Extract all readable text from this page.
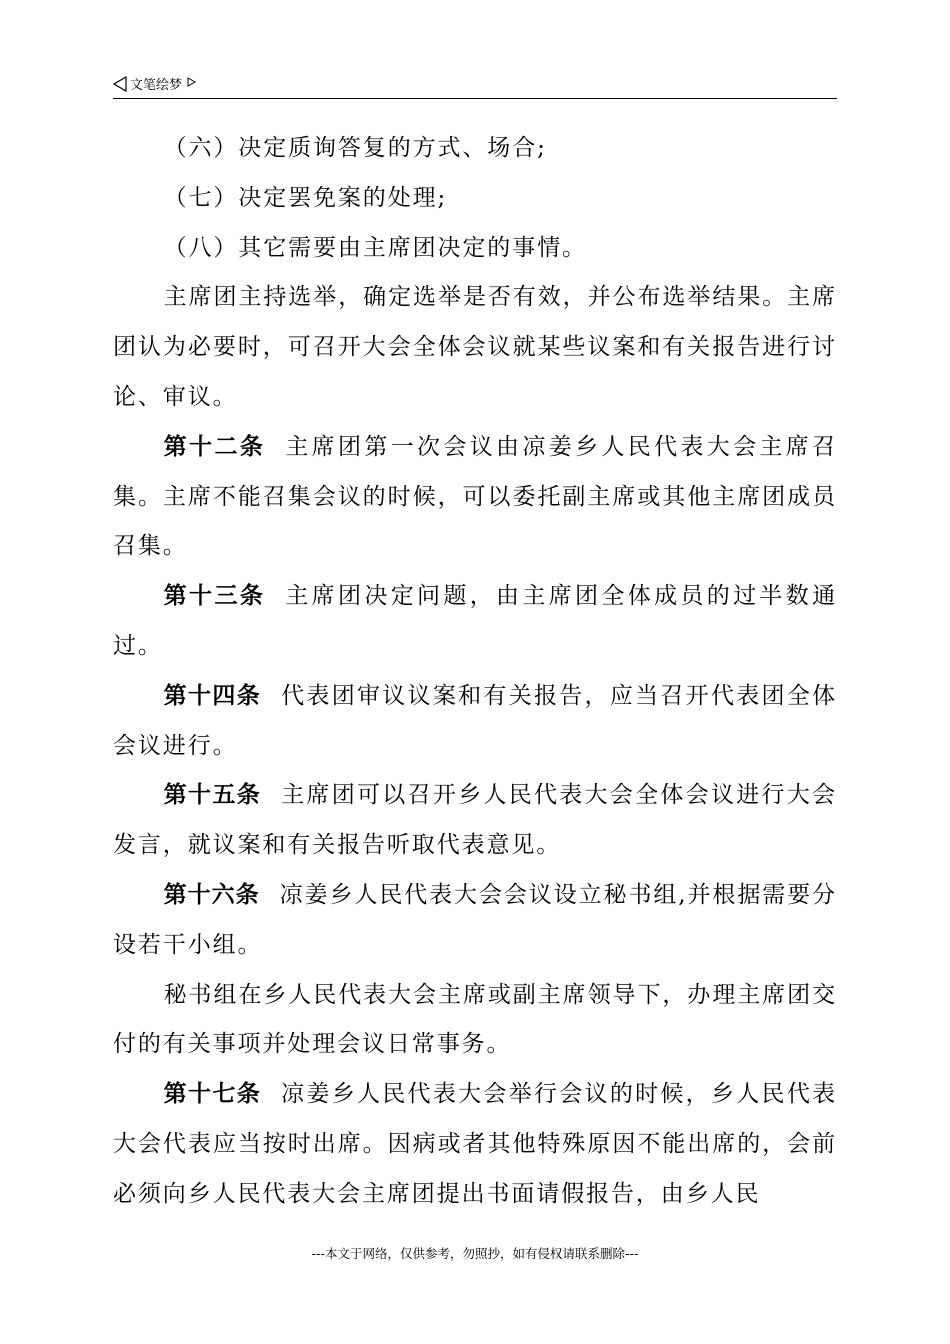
文笔绘梦

（六）决定质询答复的方式、场合;

（七）决定罢免案的处理;

（八）其它需要由主席团决定的事情。

主席团主持选举，确定选举是否有效，并公布选举结果。主席团认为必要时，可召开大会全体会议就某些议案和有关报告进行讨论、审议。

第十二条 主席团第一次会议由凉姜乡人民代表大会主席召集。主席不能召集会议的时候，可以委托副主席或其他主席团成员召集。

第十三条 主席团决定问题，由主席团全体成员的过半数通过。

第十四条 代表团审议议案和有关报告，应当召开代表团全体会议进行。

第十五条 主席团可以召开乡人民代表大会全体会议进行大会发言，就议案和有关报告听取代表意见。

第十六条 凉姜乡人民代表大会会议设立秘书组,并根据需要分设若干小组。

秘书组在乡人民代表大会主席或副主席领导下，办理主席团交付的有关事项并处理会议日常事务。

第十七条 凉姜乡人民代表大会举行会议的时候，乡人民代表大会代表应当按时出席。因病或者其他特殊原因不能出席的，会前必须向乡人民代表大会主席团提出书面请假报告，由乡人民

---本文于网络，仅供参考，勿照抄，如有侵权请联系删除---
